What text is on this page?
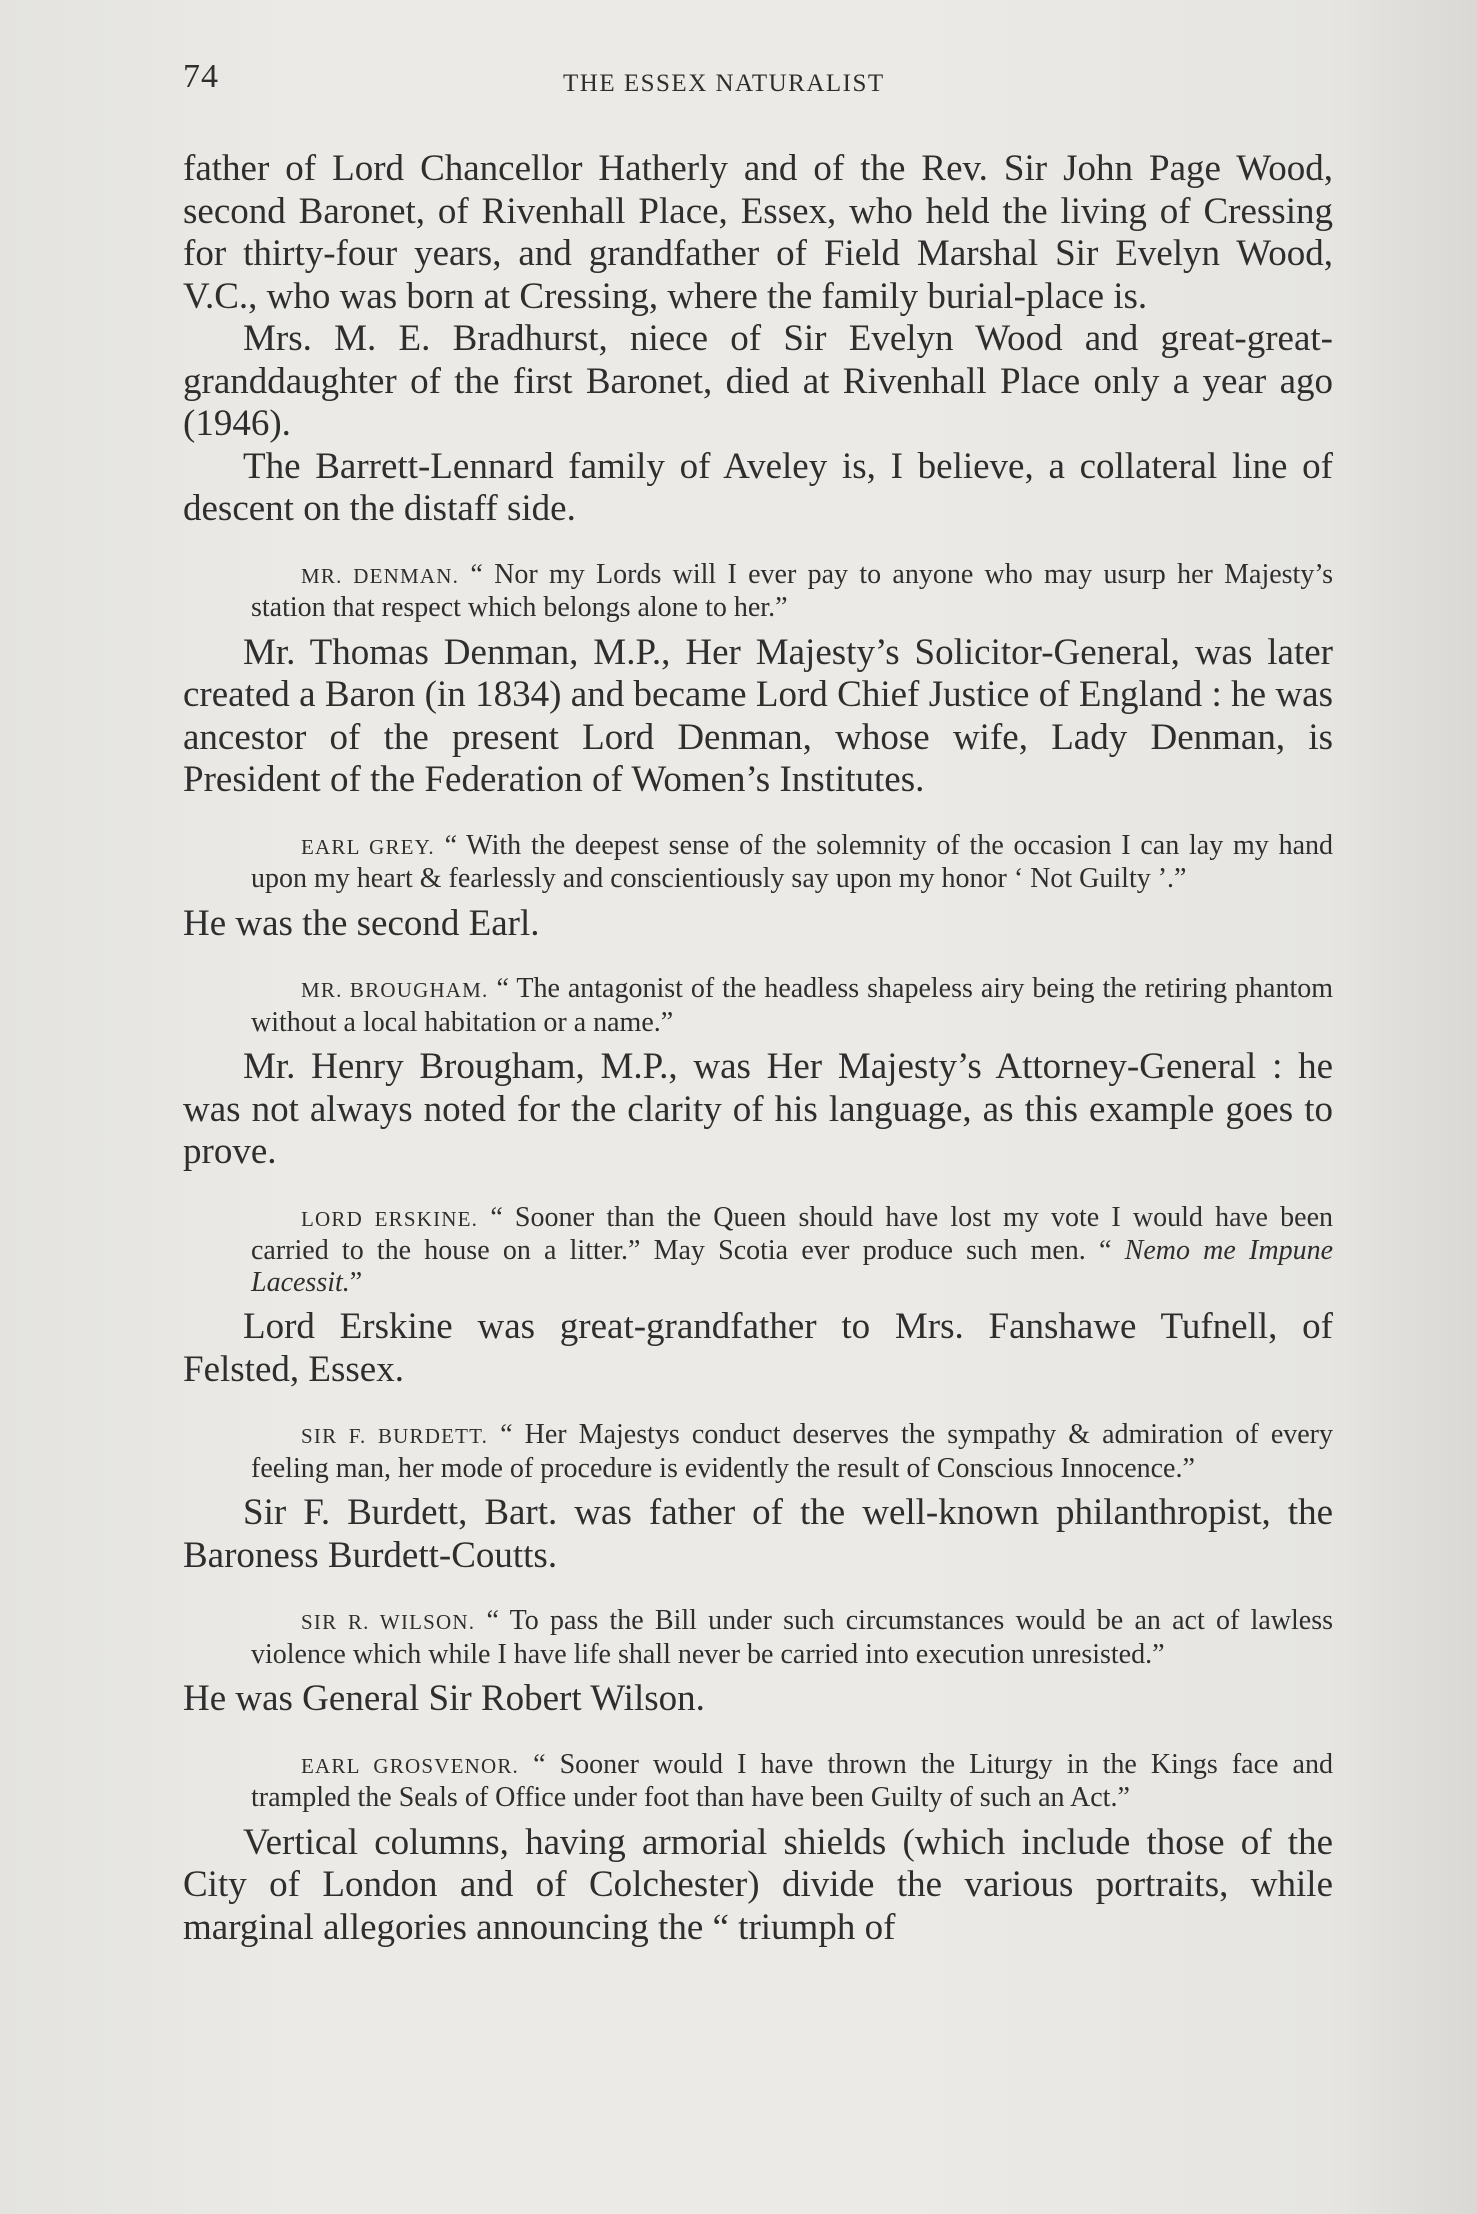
74	THE ESSEX NATURALIST

father of Lord Chancellor Hatherly and of the Rev. Sir John Page Wood, second Baronet, of Rivenhall Place, Essex, who held the living of Cressing for thirty-four years, and grandfather of Field Marshal Sir Evelyn Wood, V.C., who was born at Cressing, where the family burial-place is.

Mrs. M. E. Bradhurst, niece of Sir Evelyn Wood and great-great-granddaughter of the first Baronet, died at Rivenhall Place only a year ago (1946).

The Barrett-Lennard family of Aveley is, I believe, a collateral line of descent on the distaff side.

MR. DENMAN. “ Nor my Lords will I ever pay to anyone who may usurp her Majesty’s station that respect which belongs alone to her.”

Mr. Thomas Denman, M.P., Her Majesty’s Solicitor-General, was later created a Baron (in 1834) and became Lord Chief Justice of England : he was ancestor of the present Lord Denman, whose wife, Lady Denman, is President of the Federation of Women’s Institutes.

EARL GREY. “ With the deepest sense of the solemnity of the occasion I can lay my hand upon my heart & fearlessly and conscientiously say upon my honor ‘ Not Guilty ’.”

He was the second Earl.

MR. BROUGHAM. “ The antagonist of the headless shapeless airy being the retiring phantom without a local habitation or a name.”

Mr. Henry Brougham, M.P., was Her Majesty’s Attorney-General : he was not always noted for the clarity of his language, as this example goes to prove.

LORD ERSKINE. “ Sooner than the Queen should have lost my vote I would have been carried to the house on a litter.” May Scotia ever produce such men. “ Nemo me Impune Lacessit.”

Lord Erskine was great-grandfather to Mrs. Fanshawe Tufnell, of Felsted, Essex.

SIR F. BURDETT. “ Her Majestys conduct deserves the sympathy & admiration of every feeling man, her mode of procedure is evidently the result of Conscious Innocence.”

Sir F. Burdett, Bart. was father of the well-known philanthropist, the Baroness Burdett-Coutts.

SIR R. WILSON. “ To pass the Bill under such circumstances would be an act of lawless violence which while I have life shall never be carried into execution unresisted.”

He was General Sir Robert Wilson.

EARL GROSVENOR. “ Sooner would I have thrown the Liturgy in the Kings face and trampled the Seals of Office under foot than have been Guilty of such an Act.”

Vertical columns, having armorial shields (which include those of the City of London and of Colchester) divide the various portraits, while marginal allegories announcing the “ triumph of
